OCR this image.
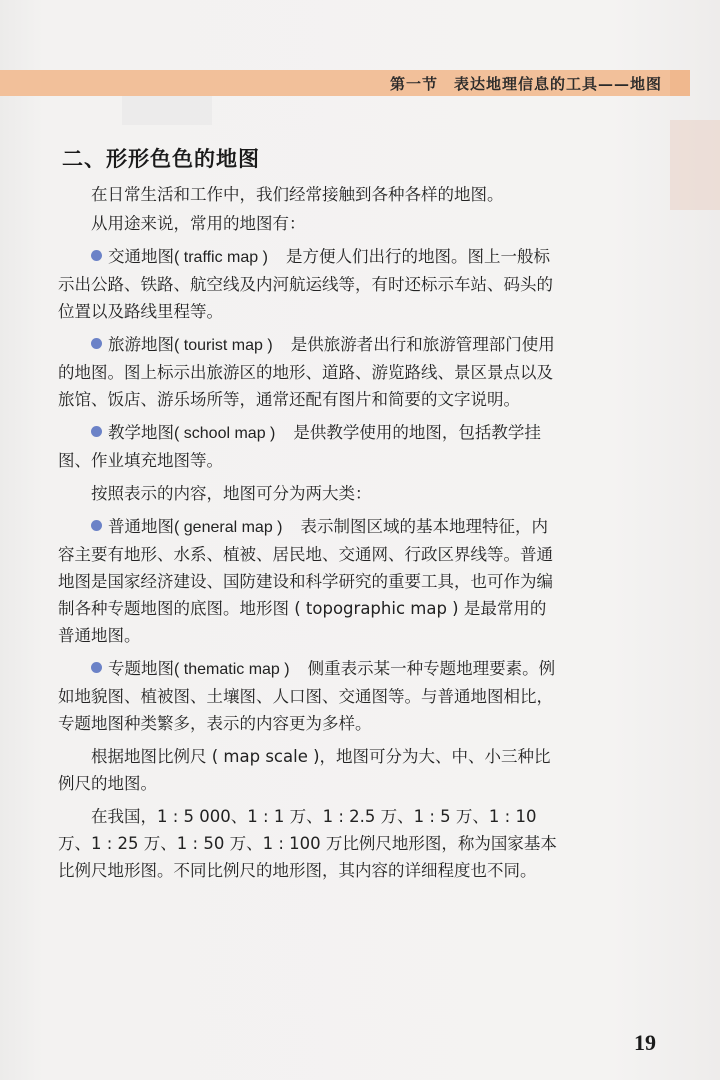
第一节　表达地理信息的工具——地图
二、形形色色的地图

在日常生活和工作中，我们经常接触到各种各样的地图。

从用途来说，常用的地图有：

交通地图( traffic map ) 是方便人们出行的地图。图上一般标示出公路、铁路、航空线及内河航运线等，有时还标示车站、码头的位置以及路线里程等。

旅游地图( tourist map ) 是供旅游者出行和旅游管理部门使用的地图。图上标示出旅游区的地形、道路、游览路线、景区景点以及旅馆、饭店、游乐场所等，通常还配有图片和简要的文字说明。

教学地图( school map ) 是供教学使用的地图，包括教学挂图、作业填充地图等。

按照表示的内容，地图可分为两大类：

普通地图( general map ) 表示制图区域的基本地理特征，内容主要有地形、水系、植被、居民地、交通网、行政区界线等。普通地图是国家经济建设、国防建设和科学研究的重要工具，也可作为编制各种专题地图的底图。地形图 ( topographic map ) 是最常用的普通地图。

专题地图( thematic map ) 侧重表示某一种专题地理要素。例如地貌图、植被图、土壤图、人口图、交通图等。与普通地图相比，专题地图种类繁多，表示的内容更为多样。

根据地图比例尺 ( map scale )，地图可分为大、中、小三种比例尺的地图。

在我国，1 : 5 000、1 : 1 万、1 : 2.5 万、1 : 5 万、1 : 10 万、1 : 25 万、1 : 50 万、1 : 100 万比例尺地形图，称为国家基本比例尺地形图。不同比例尺的地形图，其内容的详细程度也不同。

19
